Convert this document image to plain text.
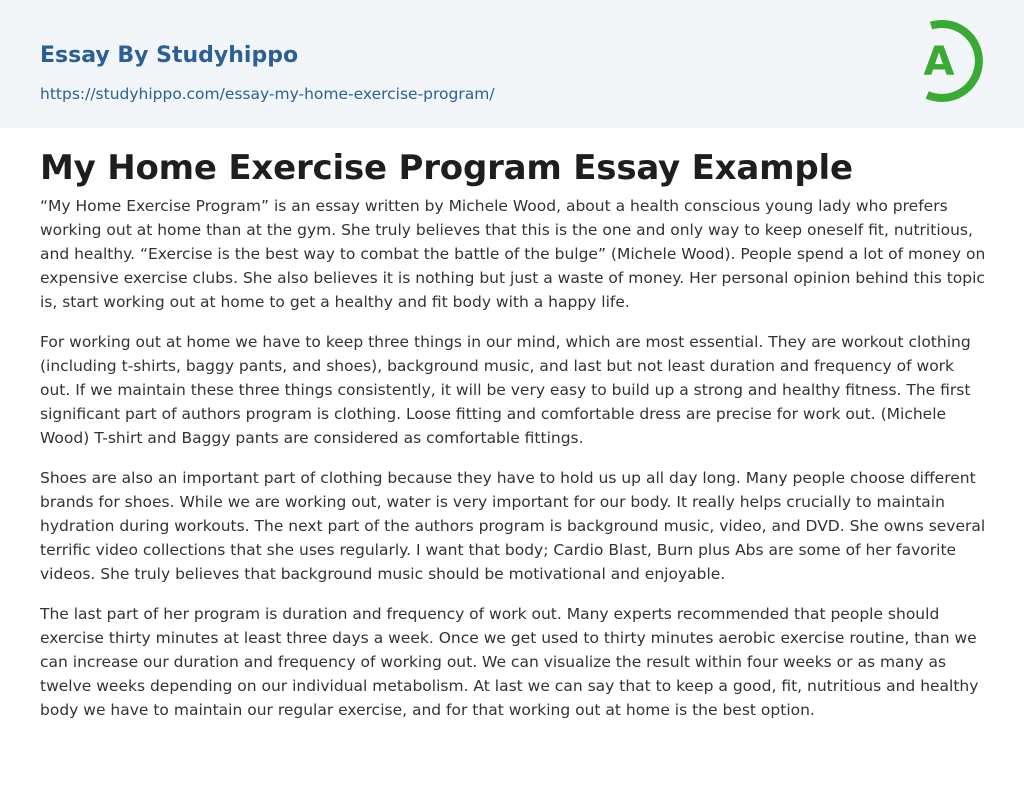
Essay By Studyhippo
https://studyhippo.com/essay-my-home-exercise-program/
A
My Home Exercise Program Essay Example

“My Home Exercise Program” is an essay written by Michele Wood, about a health conscious young lady who prefers working out at home than at the gym. She truly believes that this is the one and only way to keep oneself fit, nutritious, and healthy. “Exercise is the best way to combat the battle of the bulge” (Michele Wood). People spend a lot of money on expensive exercise clubs. She also believes it is nothing but just a waste of money. Her personal opinion behind this topic is, start working out at home to get a healthy and fit body with a happy life.

For working out at home we have to keep three things in our mind, which are most essential. They are workout clothing (including t-shirts, baggy pants, and shoes), background music, and last but not least duration and frequency of work out. If we maintain these three things consistently, it will be very easy to build up a strong and healthy fitness. The first significant part of authors program is clothing. Loose fitting and comfortable dress are precise for work out. (Michele Wood) T-shirt and Baggy pants are considered as comfortable fittings.

Shoes are also an important part of clothing because they have to hold us up all day long. Many people choose different brands for shoes. While we are working out, water is very important for our body. It really helps crucially to maintain hydration during workouts. The next part of the authors program is background music, video, and DVD. She owns several terrific video collections that she uses regularly. I want that body; Cardio Blast, Burn plus Abs are some of her favorite videos. She truly believes that background music should be motivational and enjoyable.

The last part of her program is duration and frequency of work out. Many experts recommended that people should exercise thirty minutes at least three days a week. Once we get used to thirty minutes aerobic exercise routine, than we can increase our duration and frequency of working out. We can visualize the result within four weeks or as many as twelve weeks depending on our individual metabolism. At last we can say that to keep a good, fit, nutritious and healthy body we have to maintain our regular exercise, and for that working out at home is the best option.
